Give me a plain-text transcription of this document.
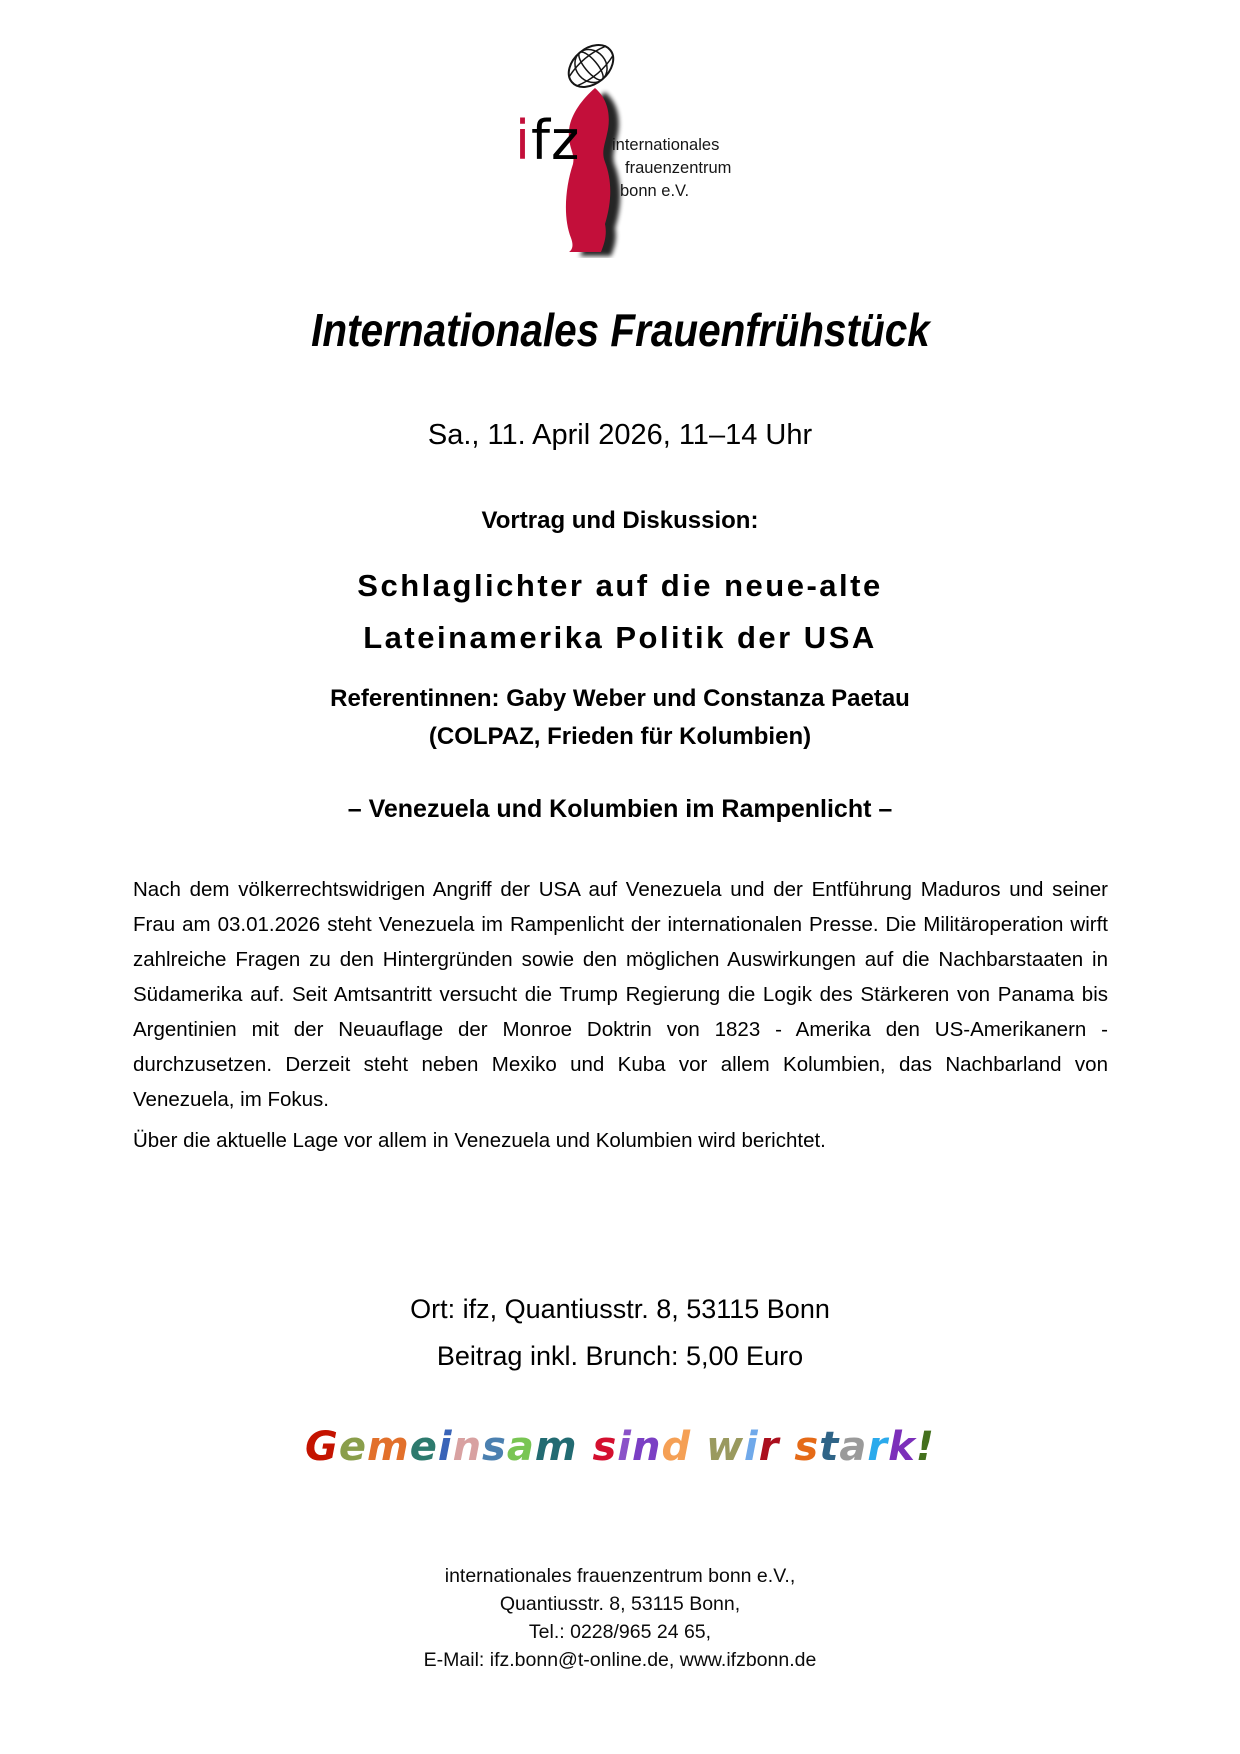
ifz internationales
frauenzentrum
bonn e.V.
Internationales Frauenfrühstück
Sa., 11. April 2026, 11–14 Uhr
Vortrag und Diskussion:
Schlaglichter auf die neue-alte
Lateinamerika Politik der USA
Referentinnen: Gaby Weber und Constanza Paetau
(COLPAZ, Frieden für Kolumbien)
– Venezuela und Kolumbien im Rampenlicht –

Nach dem völkerrechtswidrigen Angriff der USA auf Venezuela und der Entführung Maduros und seiner Frau am 03.01.2026 steht Venezuela im Rampenlicht der internationalen Presse. Die Militäroperation wirft zahlreiche Fragen zu den Hintergründen sowie den möglichen Auswirkungen auf die Nachbarstaaten in Südamerika auf. Seit Amtsantritt versucht die Trump Regierung die Logik des Stärkeren von Panama bis Argentinien mit der Neuauflage der Monroe Doktrin von 1823 - Amerika den US-Amerikanern - durchzusetzen. Derzeit steht neben Mexiko und Kuba vor allem Kolumbien, das Nachbarland von Venezuela, im Fokus.

Über die aktuelle Lage vor allem in Venezuela und Kolumbien wird berichtet.

Ort: ifz, Quantiusstr. 8, 53115 Bonn
Beitrag inkl. Brunch: 5,00 Euro
Gemeinsam sind wir stark!
internationales frauenzentrum bonn e.V.,
Quantiusstr. 8, 53115 Bonn,
Tel.: 0228/965 24 65,
E-Mail: ifz.bonn@t-online.de, www.ifzbonn.de
